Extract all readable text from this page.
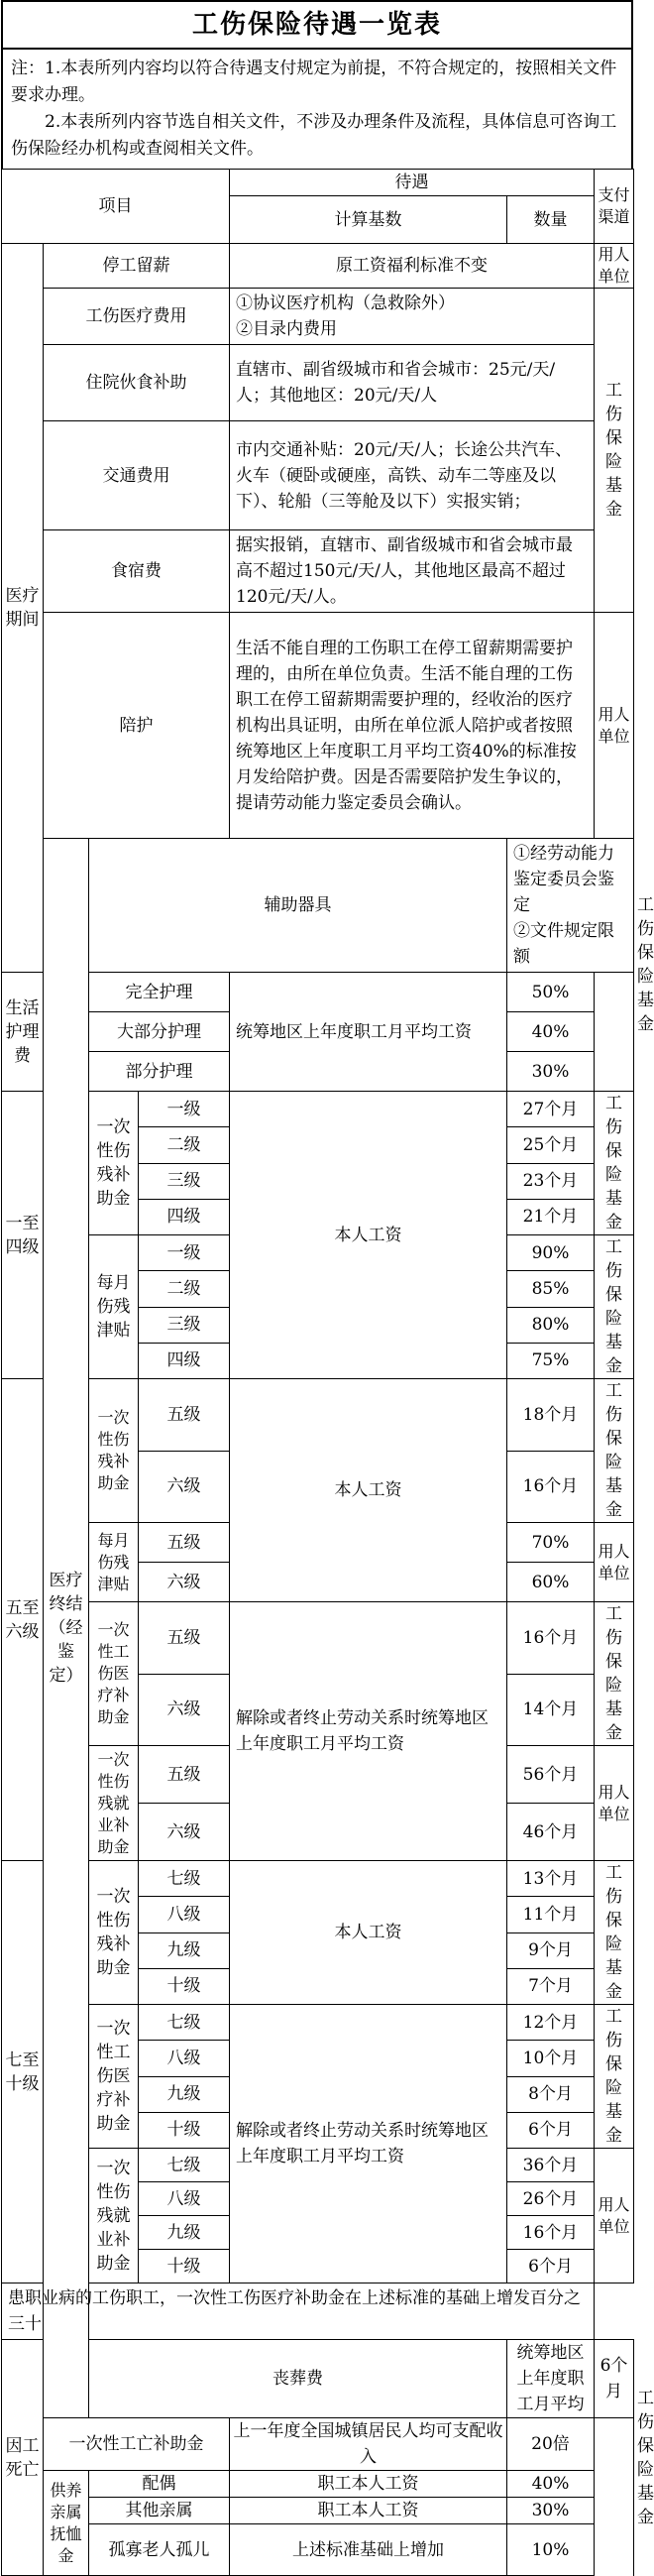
工伤保险待遇一览表

注：1.本表所列内容均以符合待遇支付规定为前提，不符合规定的，按照相关文件要求办理。

2.本表所列内容节选自相关文件，不涉及办理条件及流程，具体信息可咨询工伤保险经办机构或查阅相关文件。

项目				待遇		支付渠道	
				计算基数	数量		
医疗期间	停工留薪			原工资福利标准不变		用人单位	
	工伤医疗费用			①协议医疗机构（急救除外）
②目录内费用		工伤保险基金	
	住院伙食补助			直辖市、副省级城市和省会城市：25元/天/人；其他地区：20元/天/人			
	交通费用			市内交通补贴：20元/天/人；长途公共汽车、火车（硬卧或硬座，高铁、动车二等座及以下）、轮船（三等舱及以下）实报实销；			
	食宿费			据实报销，直辖市、副省级城市和省会城市最高不超过150元/天/人，其他地区最高不超过120元/天/人。			
	陪护			生活不能自理的工伤职工在停工留薪期需要护理的，由所在单位负责。生活不能自理的工伤职工在停工留薪期需要护理的，经收治的医疗机构出具证明，由所在单位派人陪护或者按照统筹地区上年度职工月平均工资40%的标准按月发给陪护费。因是否需要陪护发生争议的，提请劳动能力鉴定委员会确认。		用人单位	
	医疗终结（经鉴定）	辅助器具			①经劳动能力鉴定委员会鉴定
②文件规定限额		工伤保险基金
生活护理费		完全护理		统筹地区上年度职工月平均工资	50%		
		大部分护理			40%		
		部分护理			30%		
一至四级		一次性伤残补助金	一级	本人工资	27个月	工伤保险基金	
			二级		25个月		
			三级		23个月		
			四级		21个月		
		每月伤残津贴	一级		90%	工伤保险基金	
			二级		85%		
			三级		80%		
			四级		75%		
五至六级		一次性伤残补助金	五级	本人工资	18个月	工伤保险基金	
			六级		16个月		
		每月伤残津贴	五级		70%	用人单位	
			六级		60%		
		一次性工伤医疗补助金	五级	解除或者终止劳动关系时统筹地区上年度职工月平均工资	16个月	工伤保险基金	
			六级		14个月		
		一次性伤残就业补助金	五级		56个月	用人单位	
			六级		46个月		
七至十级		一次性伤残补助金	七级	本人工资	13个月	工伤保险基金	
			八级		11个月		
			九级		9个月		
			十级		7个月		
		一次性工伤医疗补助金	七级	解除或者终止劳动关系时统筹地区上年度职工月平均工资	12个月	工伤保险基金	
			八级		10个月		
			九级		8个月		
			十级		6个月		
		一次性伤残就业补助金	七级		36个月	用人单位	
			八级		26个月		
			九级		16个月		
			十级		6个月		
患职业病的工伤职工，一次性工伤医疗补助金在上述标准的基础上增发百分之三十							
因工死亡		丧葬费			统筹地区上年度职工月平均	6个月	工伤保险基金
	一次性工亡补助金			上一年度全国城镇居民人均可支配收入	20倍		
	供养亲属抚恤金	配偶		职工本人工资	40%		
		其他亲属		职工本人工资	30%		
		孤寡老人孤儿		上述标准基础上增加	10%		
